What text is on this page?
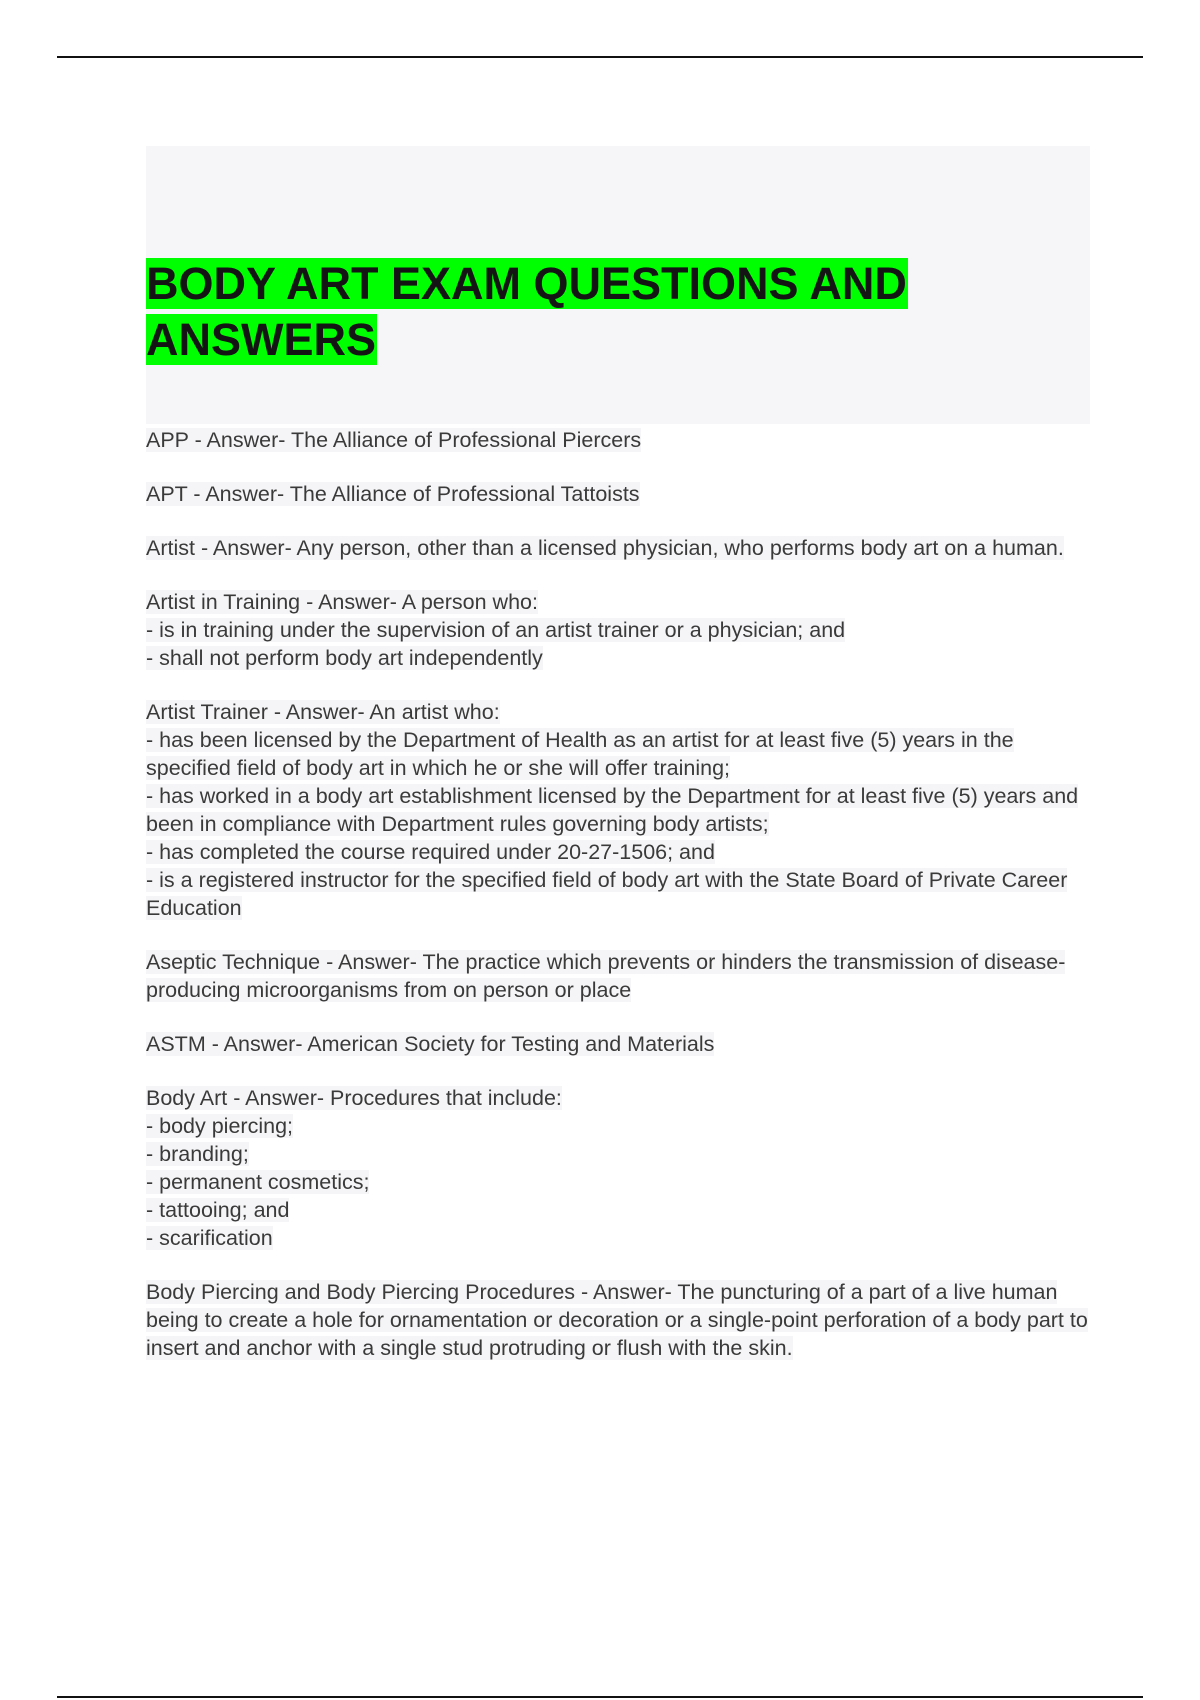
BODY ART EXAM QUESTIONS AND ANSWERS
APP - Answer- The Alliance of Professional Piercers
APT - Answer- The Alliance of Professional Tattoists
Artist - Answer- Any person, other than a licensed physician, who performs body art on a human.
Artist in Training - Answer- A person who:
- is in training under the supervision of an artist trainer or a physician; and
- shall not perform body art independently
Artist Trainer - Answer- An artist who:
- has been licensed by the Department of Health as an artist for at least five (5) years in the specified field of body art in which he or she will offer training;
- has worked in a body art establishment licensed by the Department for at least five (5) years and been in compliance with Department rules governing body artists;
- has completed the course required under 20-27-1506; and
- is a registered instructor for the specified field of body art with the State Board of Private Career Education
Aseptic Technique - Answer- The practice which prevents or hinders the transmission of disease-producing microorganisms from on person or place
ASTM - Answer- American Society for Testing and Materials
Body Art - Answer- Procedures that include:
- body piercing;
- branding;
- permanent cosmetics;
- tattooing; and
- scarification
Body Piercing and Body Piercing Procedures - Answer- The puncturing of a part of a live human being to create a hole for ornamentation or decoration or a single-point perforation of a body part to insert and anchor with a single stud protruding or flush with the skin.
